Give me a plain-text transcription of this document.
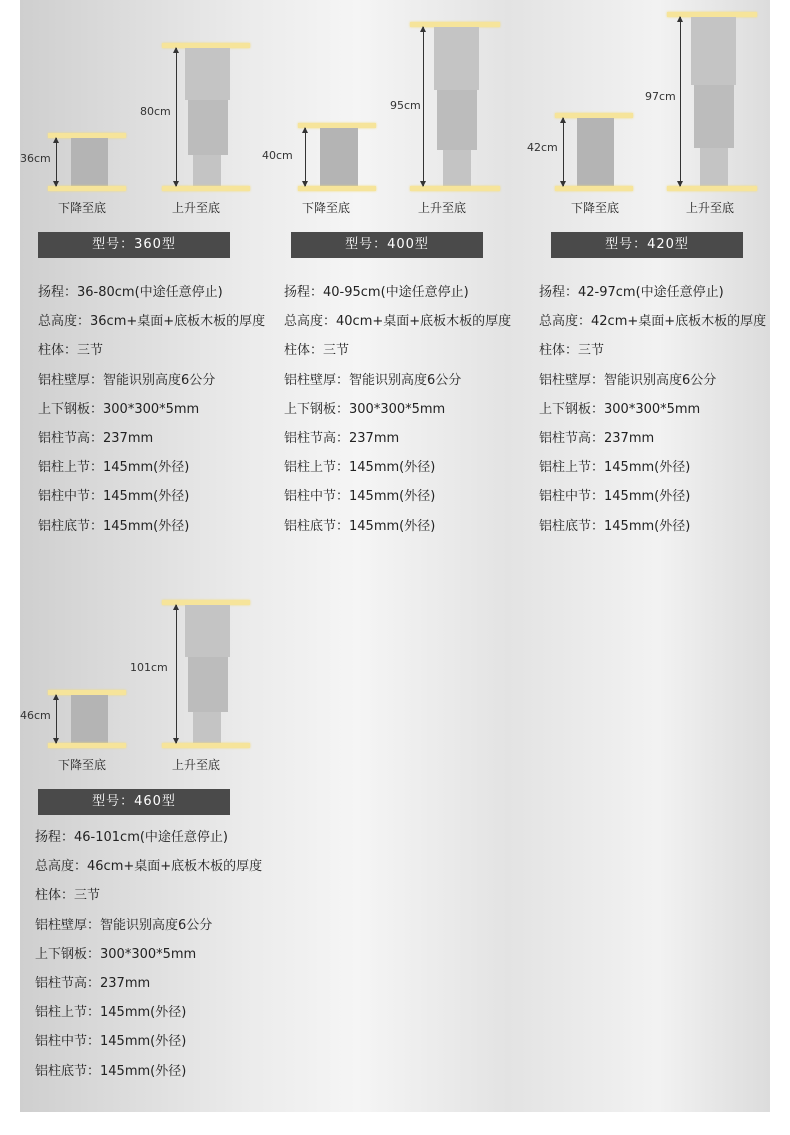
36cm
80cm
下降至底	上升至底
型号：360型
扬程：36-80cm(中途任意停止)
总高度：36cm+桌面+底板木板的厚度
柱体：三节
铝柱壁厚：智能识别高度6公分
上下钢板：300*300*5mm
铝柱节高：237mm
铝柱上节：145mm(外径)
铝柱中节：145mm(外径)
铝柱底节：145mm(外径)
40cm
95cm
下降至底	上升至底
型号：400型
扬程：40-95cm(中途任意停止)
总高度：40cm+桌面+底板木板的厚度
柱体：三节
铝柱壁厚：智能识别高度6公分
上下钢板：300*300*5mm
铝柱节高：237mm
铝柱上节：145mm(外径)
铝柱中节：145mm(外径)
铝柱底节：145mm(外径)
42cm
97cm
下降至底	上升至底
型号：420型
扬程：42-97cm(中途任意停止)
总高度：42cm+桌面+底板木板的厚度
柱体：三节
铝柱壁厚：智能识别高度6公分
上下钢板：300*300*5mm
铝柱节高：237mm
铝柱上节：145mm(外径)
铝柱中节：145mm(外径)
铝柱底节：145mm(外径)
46cm
101cm
下降至底	上升至底
型号：460型
扬程：46-101cm(中途任意停止)
总高度：46cm+桌面+底板木板的厚度
柱体：三节
铝柱壁厚：智能识别高度6公分
上下钢板：300*300*5mm
铝柱节高：237mm
铝柱上节：145mm(外径)
铝柱中节：145mm(外径)
铝柱底节：145mm(外径)
